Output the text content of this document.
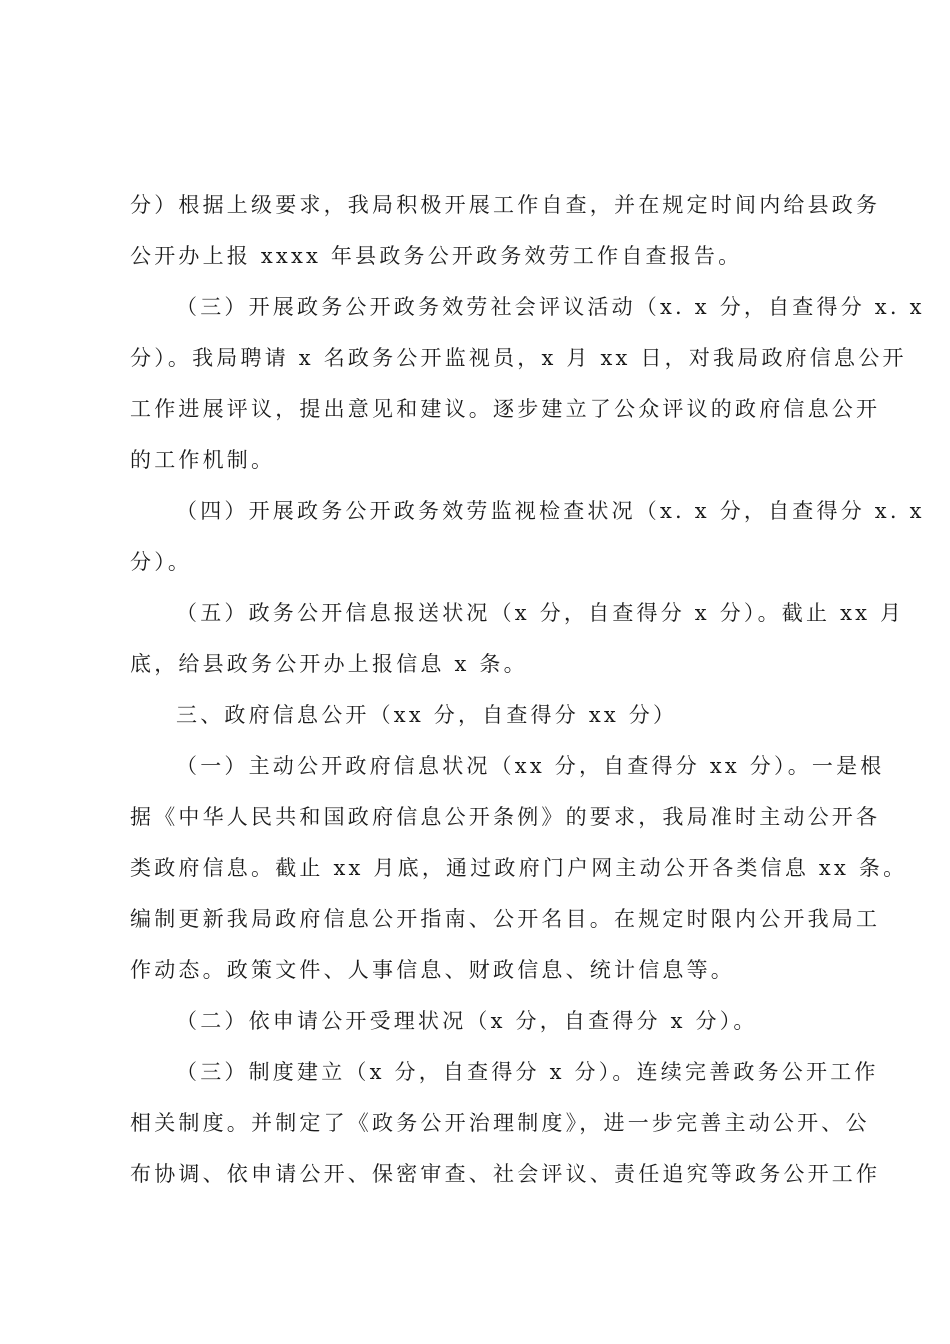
分）根据上级要求，我局积极开展工作自查，并在规定时间内给县政务
公开办上报 xxxx 年县政务公开政务效劳工作自查报告。
（三）开展政务公开政务效劳社会评议活动（x. x 分，自查得分 x. x
分）。我局聘请 x 名政务公开监视员，x 月 xx 日，对我局政府信息公开
工作进展评议，提出意见和建议。逐步建立了公众评议的政府信息公开
的工作机制。
（四）开展政务公开政务效劳监视检查状况（x. x 分，自查得分 x. x
分）。
（五）政务公开信息报送状况（x 分，自查得分 x 分）。截止 xx 月
底，给县政务公开办上报信息 x 条。
三、政府信息公开（xx 分，自查得分 xx 分）
（一）主动公开政府信息状况（xx 分，自查得分 xx 分）。一是根
据《中华人民共和国政府信息公开条例》的要求，我局准时主动公开各
类政府信息。截止 xx 月底，通过政府门户网主动公开各类信息 xx 条。
编制更新我局政府信息公开指南、公开名目。在规定时限内公开我局工
作动态。政策文件、人事信息、财政信息、统计信息等。
（二）依申请公开受理状况（x 分，自查得分 x 分）。
（三）制度建立（x 分，自查得分 x 分）。连续完善政务公开工作
相关制度。并制定了《政务公开治理制度》，进一步完善主动公开、公
布协调、依申请公开、保密审查、社会评议、责任追究等政务公开工作
